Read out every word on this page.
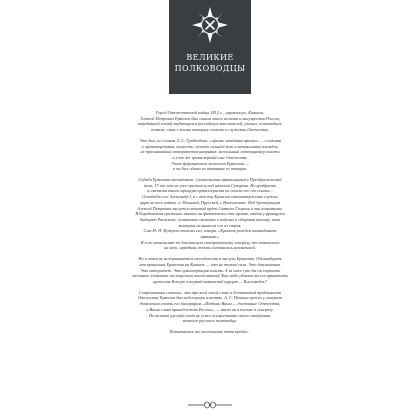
ВЕЛИКИЕ
ПОЛКОВОДЦЫ

Герой Отечественной войны 1812 г., «проконсул» Кавказа,
Алексей Петрович Ермолов был сыном этого величия и могущества России,
породившей плеяду выдающихся российских мыслителей, ученых, полководцев,
поэтов, смысл жизни которых состоял в служении Отечеству.

Это был, по словам А. С. Грибоедова, «сфинкс новейших времен» — сложная
и противоречивая личность: человек сильной воли и независимых взглядов,
не признававший авторитетов напрямик, всесильный оппозиционер власти
и в то же время верный сын Отечества.
Эпоха формировала личности Ермолова —
и он был одним из активных ее творцов.

Судьба Ермолова впечатляет. Сызмальства приписанный в Преображенский
полк, 17-ти лет он уже сражался под началом Суворова. Но храбрость
и смекалка юного офицера-артиллериста не спасли его от ссылки...
Освободил его Александр I, и с тех пор Ермолов самоотверженно служил
царю во всех войнах «с Польшей, Пруссией, с Наполеоном. Под Аустерлицем
Алексей Петрович заслужил военный орден Святого Георгия и чин полковника.
В Бородинском сражении именно он фактически спас армию, отбив у французов
батарею Раевского, остановив сметение в войсках и обороняя высоту, пока
контузия не вынесла его из строя.
Сам М. И. Кутузов отличал его, говоря: «Ермолов рожден командовать
армиями»,
И если начальство по благоволило своевременному генералу, то отвалилась
на него, народная любовь оставалась неизменной.

Но и этим не исчерпываются способности и заслуги Ермолова. Одиннадцать
лет правления Ермолова на Кавказе — это не только сила. Это дипломатия.
Это авторитет. Это цивилизующая власть. А за инее суке бы он смутить
местные элементы от торговли заложниками! Как надо удивлен вы его приватить
крепость Кислую в первый кавказский курорт — Кисловодск?

Современники считали, что при всей своей славе и беззаветной преданности
Отечеству Ермолов был недооценен властью. А. С. Пушкин просил у генерала
дозволения стать его биографом. «Подвиги Ваши — достояние Отечества,
и Ваша слава принадлежит России», — писал он в письме к генералу.
Но великий русский поэт не успел осуществить своего намерения.
великого русского полководца.

Попытаемся же восполнить этот пробел...
